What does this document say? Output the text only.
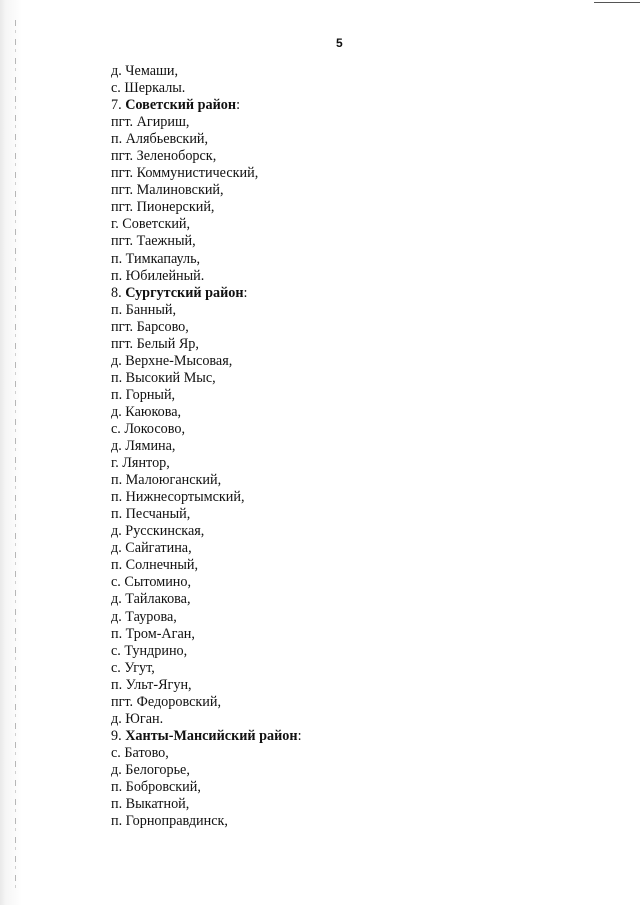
5
д. Чемаши,
с. Шеркалы.
7. Советский район:
пгт. Агириш,
п. Алябьевский,
пгт. Зеленоборск,
пгт. Коммунистический,
пгт. Малиновский,
пгт. Пионерский,
г. Советский,
пгт. Таежный,
п. Тимкапауль,
п. Юбилейный.
8. Сургутский район:
п. Банный,
пгт. Барсово,
пгт. Белый Яр,
д. Верхне-Мысовая,
п. Высокий Мыс,
п. Горный,
д. Каюкова,
с. Локосово,
д. Лямина,
г. Лянтор,
п. Малоюганский,
п. Нижнесортымский,
п. Песчаный,
д. Русскинская,
д. Сайгатина,
п. Солнечный,
с. Сытомино,
д. Тайлакова,
д. Таурова,
п. Тром-Аган,
с. Тундрино,
с. Угут,
п. Ульт-Ягун,
пгт. Федоровский,
д. Юган.
9. Ханты-Мансийский район:
с. Батово,
д. Белогорье,
п. Бобровский,
п. Выкатной,
п. Горноправдинск,
